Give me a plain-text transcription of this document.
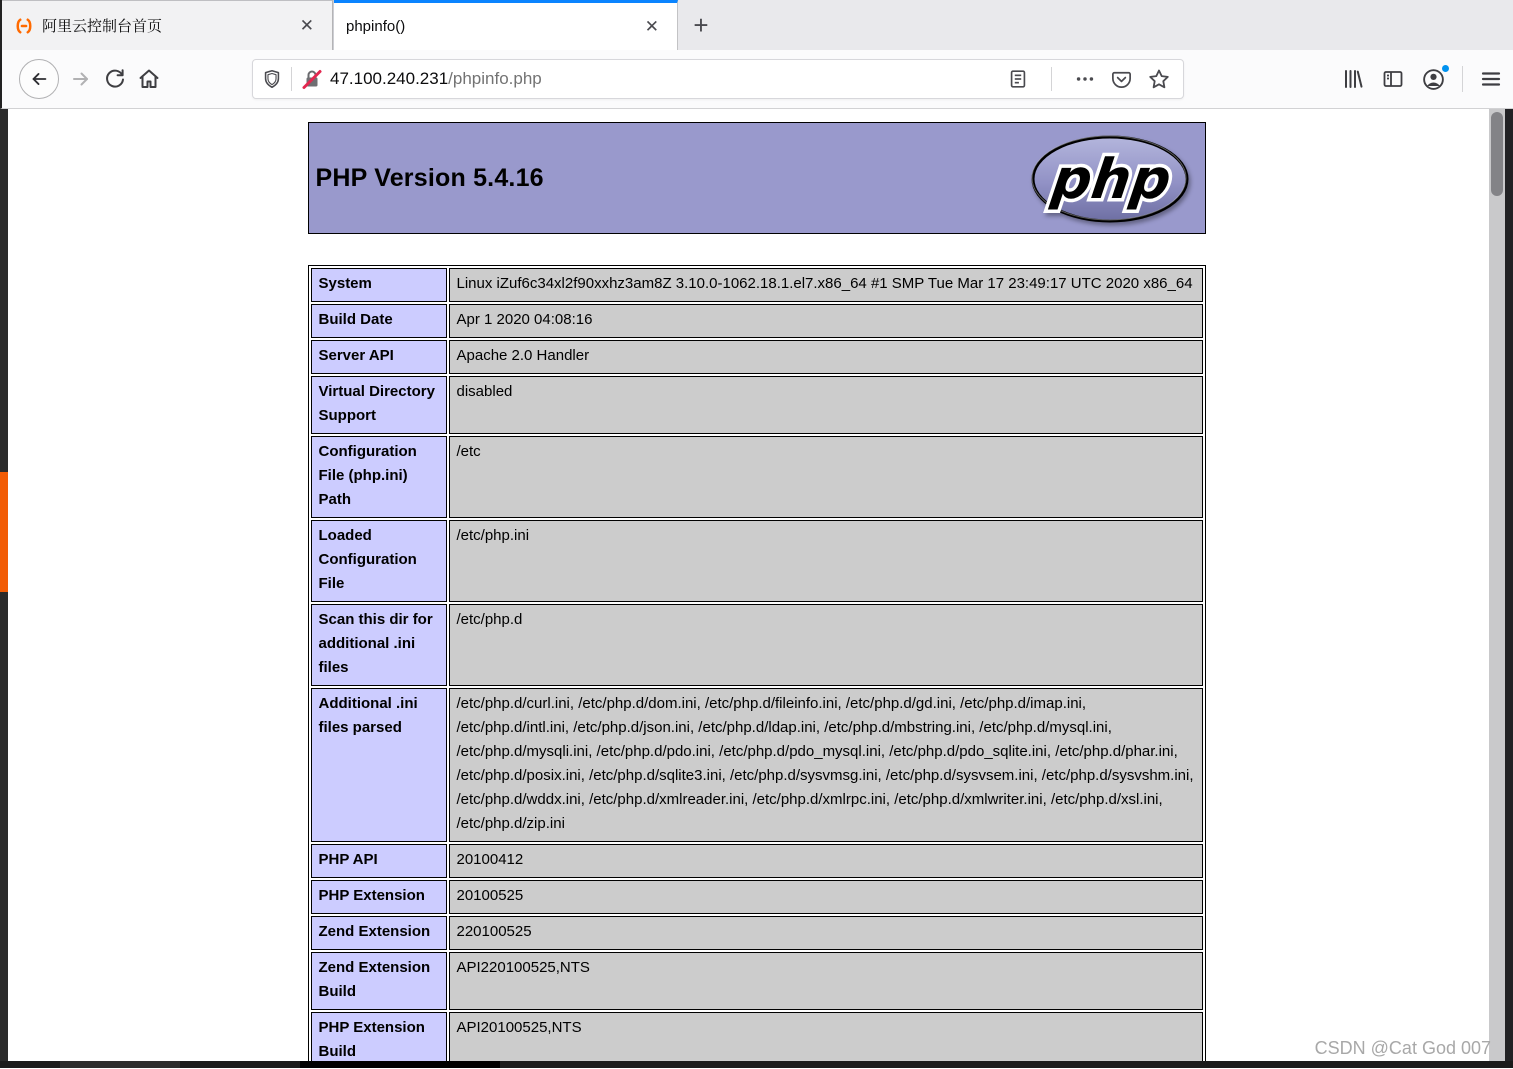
阿里云控制台首页	✕	phpinfo()	✕	+
47.100.240.231/phpinfo.php
PHP Version 5.4.16	php
System	Linux iZuf6c34xl2f90xxhz3am8Z 3.10.0-1062.18.1.el7.x86_64 #1 SMP Tue Mar 17 23:49:17 UTC 2020 x86_64
Build Date	Apr 1 2020 04:08:16
Server API	Apache 2.0 Handler
Virtual Directory Support	disabled
Configuration File (php.ini) Path	/etc
Loaded Configuration File	/etc/php.ini
Scan this dir for additional .ini files	/etc/php.d
Additional .ini files parsed	/etc/php.d/curl.ini, /etc/php.d/dom.ini, /etc/php.d/fileinfo.ini, /etc/php.d/gd.ini, /etc/php.d/imap.ini, /etc/php.d/intl.ini, /etc/php.d/json.ini, /etc/php.d/ldap.ini, /etc/php.d/mbstring.ini, /etc/php.d/mysql.ini, /etc/php.d/mysqli.ini, /etc/php.d/pdo.ini, /etc/php.d/pdo_mysql.ini, /etc/php.d/pdo_sqlite.ini, /etc/php.d/phar.ini, /etc/php.d/posix.ini, /etc/php.d/sqlite3.ini, /etc/php.d/sysvmsg.ini, /etc/php.d/sysvsem.ini, /etc/php.d/sysvshm.ini, /etc/php.d/wddx.ini, /etc/php.d/xmlreader.ini, /etc/php.d/xmlrpc.ini, /etc/php.d/xmlwriter.ini, /etc/php.d/xsl.ini, /etc/php.d/zip.ini
PHP API	20100412
PHP Extension	20100525
Zend Extension	220100525
Zend Extension Build	API220100525,NTS
PHP Extension Build	API20100525,NTS
CSDN @Cat God 007
